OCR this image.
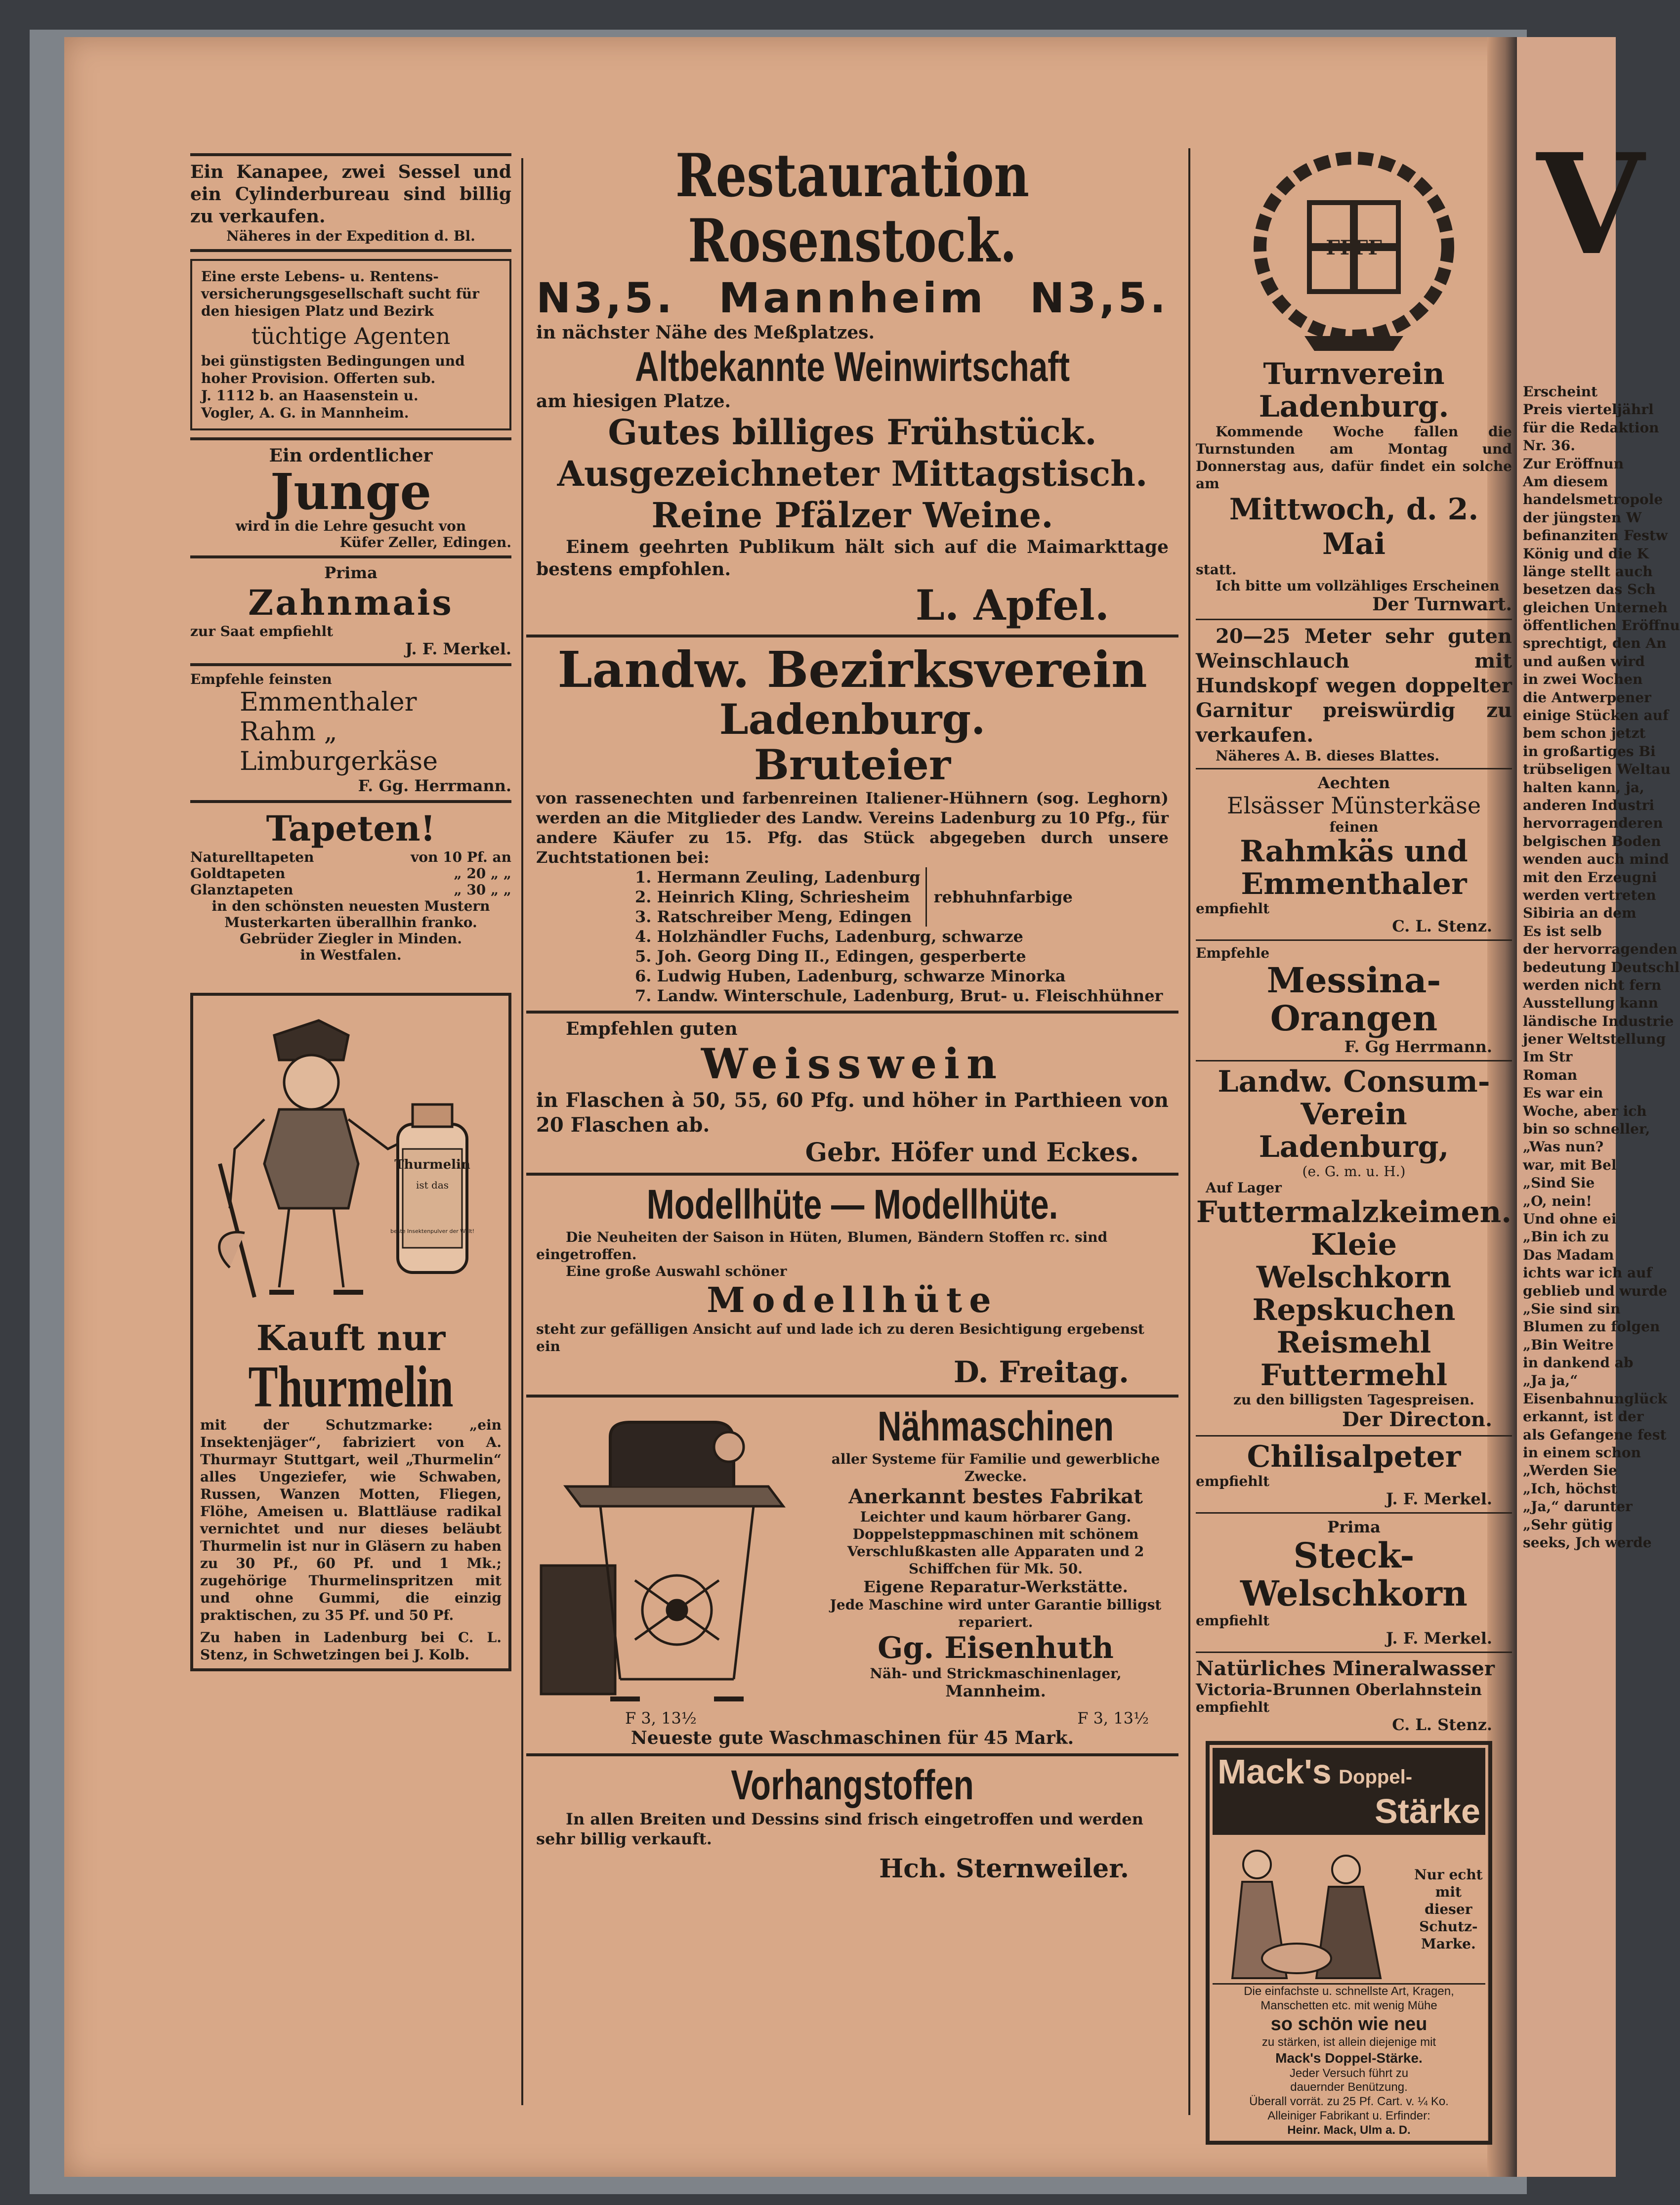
Ein Kanapee, zwei Sessel und ein Cylinderbureau sind billig zu verkaufen.
Näheres in der Expedition d. Bl.
Eine erste Lebens- u. Rentens-
versicherungsgesellschaft sucht für
den hiesigen Platz und Bezirk
tüchtige Agenten
bei günstigsten Bedingungen und
hoher Provision. Offerten sub.
J. 1112 b. an Haasenstein u.
Vogler, A. G. in Mannheim.
Ein ordentlicher
Junge
wird in die Lehre gesucht von
Küfer Zeller, Edingen.
Prima
Zahnmais
zur Saat empfiehlt
J. F. Merkel.
Empfehle feinsten
Emmenthaler
Rahm „
Limburgerkäse
F. Gg. Herrmann.
Tapeten!
Naturelltapeten	von 10 Pf. an
Goldtapeten	„ 20 „ „
Glanztapeten	„ 30 „ „
in den schönsten neuesten Mustern
Musterkarten überallhin franko.
Gebrüder Ziegler in Minden.
in Westfalen.
Thurmelin
ist das
beste Insektenpulver der Welt!
Kauft nur
Thurmelin
mit der Schutzmarke: „ein Insektenjäger“, fabriziert von A. Thurmayr Stuttgart, weil „Thurmelin“ alles Ungeziefer, wie Schwaben, Russen, Wanzen Motten, Fliegen, Flöhe, Ameisen u. Blattläuse radikal vernichtet und nur dieses beläubt Thurmelin ist nur in Gläsern zu haben zu 30 Pf., 60 Pf. und 1 Mk.; zugehörige Thurmelinspritzen mit und ohne Gummi, die einzig praktischen, zu 35 Pf. und 50 Pf.
Zu haben in Ladenburg bei C. L. Stenz, in Schwetzingen bei J. Kolb.
Restauration Rosenstock.
N3,5. Mannheim N3,5.
in nächster Nähe des Meßplatzes.
Altbekannte Weinwirtschaft
am hiesigen Platze.
Gutes billiges Frühstück.
Ausgezeichneter Mittagstisch.
Reine Pfälzer Weine.
Einem geehrten Publikum hält sich auf die Maimarkttage bestens empfohlen.
L. Apfel.
Landw. Bezirksverein
Ladenburg.
Bruteier
von rassenechten und farbenreinen Italiener-Hühnern (sog. Leghorn) werden an die Mitglieder des Landw. Vereins Ladenburg zu 10 Pfg., für andere Käufer zu 15. Pfg. das Stück abgegeben durch unsere Zuchtstationen bei:
1. Hermann Zeuling, Ladenburg
2. Heinrich Kling, Schriesheim
3. Ratschreiber Meng, Edingen
rebhuhnfarbige
4. Holzhändler Fuchs, Ladenburg, schwarze
5. Joh. Georg Ding II., Edingen, gesperberte
6. Ludwig Huben, Ladenburg, schwarze Minorka
7. Landw. Winterschule, Ladenburg, Brut- u. Fleischhühner
Empfehlen guten
Weisswein
in Flaschen à 50, 55, 60 Pfg. und höher in Parthieen von 20 Flaschen ab.
Gebr. Höfer und Eckes.
Modellhüte — Modellhüte.
Die Neuheiten der Saison in Hüten, Blumen, Bändern Stoffen rc. sind eingetroffen.
Eine große Auswahl schöner
Modellhüte
steht zur gefälligen Ansicht auf und lade ich zu deren Besichtigung ergebenst ein
D. Freitag.
Nähmaschinen
aller Systeme für Familie und gewerbliche Zwecke.
Anerkannt bestes Fabrikat
Leichter und kaum hörbarer Gang.
Doppelsteppmaschinen mit schönem Verschlußkasten alle Apparaten und 2 Schiffchen für Mk. 50.
Eigene Reparatur-Werkstätte.
Jede Maschine wird unter Garantie billigst repariert.
Gg. Eisenhuth
Näh- und Strickmaschinenlager,
Mannheim.
F 3, 13½	F 3, 13½
Neueste gute Waschmaschinen für 45 Mark.
Vorhangstoffen
In allen Breiten und Dessins sind frisch eingetroffen und werden sehr billig verkauft.
Hch. Sternweiler.
FFFF
Turnverein Ladenburg.
Kommende Woche fallen die Turnstunden am Montag und Donnerstag aus, dafür findet ein solche am
Mittwoch, d. 2. Mai
statt.
Ich bitte um vollzähliges Erscheinen
Der Turnwart.
20—25 Meter sehr guten Weinschlauch mit Hundskopf wegen doppelter Garnitur preiswürdig zu verkaufen.
Näheres A. B. dieses Blattes.
Aechten
Elsässer Münsterkäse
feinen
Rahmkäs und
Emmenthaler
empfiehlt
C. L. Stenz.
Empfehle
Messina-Orangen
F. Gg Herrmann.
Landw. Consum-Verein
Ladenburg,
(e. G. m. u. H.)
Auf Lager
Futtermalzkeimen.
Kleie
Welschkorn
Repskuchen
Reismehl
Futtermehl
zu den billigsten Tagespreisen.
Der Directon.
Chilisalpeter
empfiehlt
J. F. Merkel.
Prima
Steck-Welschkorn
empfiehlt
J. F. Merkel.
Natürliches Mineralwasser
Victoria-Brunnen Oberlahnstein
empfiehlt
C. L. Stenz.
Mack's Doppel-
Stärke
Nur echt
mit
dieser
Schutz-
Marke.
Die einfachste u. schnellste Art, Kragen,
Manschetten etc. mit wenig Mühe
so schön wie neu
zu stärken, ist allein diejenige mit
Mack's Doppel-Stärke.
Jeder Versuch führt zu
dauernder Benützung.
Überall vorrät. zu 25 Pf. Cart. v. ¼ Ko.
Alleiniger Fabrikant u. Erfinder:
Heinr. Mack, Ulm a. D.
V

Erscheint

Preis vierteljährl

für die Redaktion

Nr. 36.

Zur Eröffnun

Am diesem

handelsmetropole

der jüngsten W

befinanziten Festw

König und die K

länge stellt auch

besetzen das Sch

gleichen Unterneh

öffentlichen Eröffnu

sprechtigt, den An

und außen wird

in zwei Wochen

die Antwerpener

einige Stücken auf

bem schon jetzt

in großartiges Bi

trübseligen Weltau

halten kann, ja,

anderen Industri

hervorragenderen

belgischen Boden

wenden auch mind

mit den Erzeugni

werden vertreten

Sibiria an dem

Es ist selb

der hervorragenden

bedeutung Deutschl

werden nicht fern

Ausstellung kann

ländische Industrie

jener Weltstellung

Im Str

Roman

Es war ein

Woche, aber ich

bin so schneller,

„Was nun?

war, mit Bel

„Sind Sie

„O, nein!

Und ohne ei

„Bin ich zu

Das Madam

ichts war ich auf

geblieb und wurde

„Sie sind sin

Blumen zu folgen

„Bin Weitre

in dankend ab

„Ja ja,“

Eisenbahnunglück

erkannt, ist der

als Gefangene fest

in einem schon

„Werden Sie

„Ich, höchst

„Ja,“ darunter

„Sehr gütig

seeks, Jch werde
